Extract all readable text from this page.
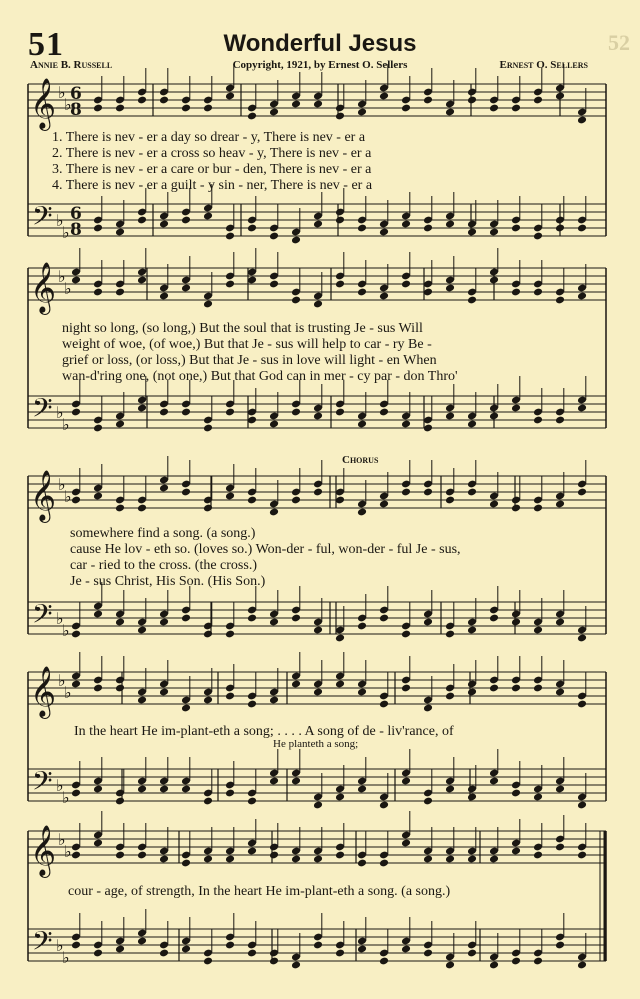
51	Wonderful Jesus	52
Annie B. Russell	Copyright, 1921, by Ernest O. Sellers	Ernest O. Sellers
𝄞
𝄢
♭
♭
♭
♭
𝄞
𝄢
♭
♭
♭
♭
𝄞
𝄢
♭
♭
♭
♭
𝄞
𝄢
♭
♭
♭
♭
𝄞
𝄢
♭
♭
♭
♭
6
8
6
8
1. There is nev - er a day so drear - y, There is nev - er a
2. There is nev - er a cross so heav - y, There is nev - er a
3. There is nev - er a care or bur - den, There is nev - er a
4. There is nev - er a guilt - y sin - ner, There is nev - er a
night so long, (so long,) But the soul that is trusting Je - sus Will
weight of woe, (of woe,) But that Je - sus will help to car - ry Be -
grief or loss, (or loss,) But that Je - sus in love will light - en When
wan-d'ring one, (not one,) But that God can in mer - cy par - don Thro'
Chorus
somewhere find a song. (a song.)
cause He lov - eth so. (loves so.) Won-der - ful, won-der - ful Je - sus,
car - ried to the cross. (the cross.)
Je - sus Christ, His Son. (His Son.)
In the heart He im-plant-eth a song; . . . . A song of de - liv'rance, of
He planteth a song;
cour - age, of strength, In the heart He im-plant-eth a song. (a song.)
